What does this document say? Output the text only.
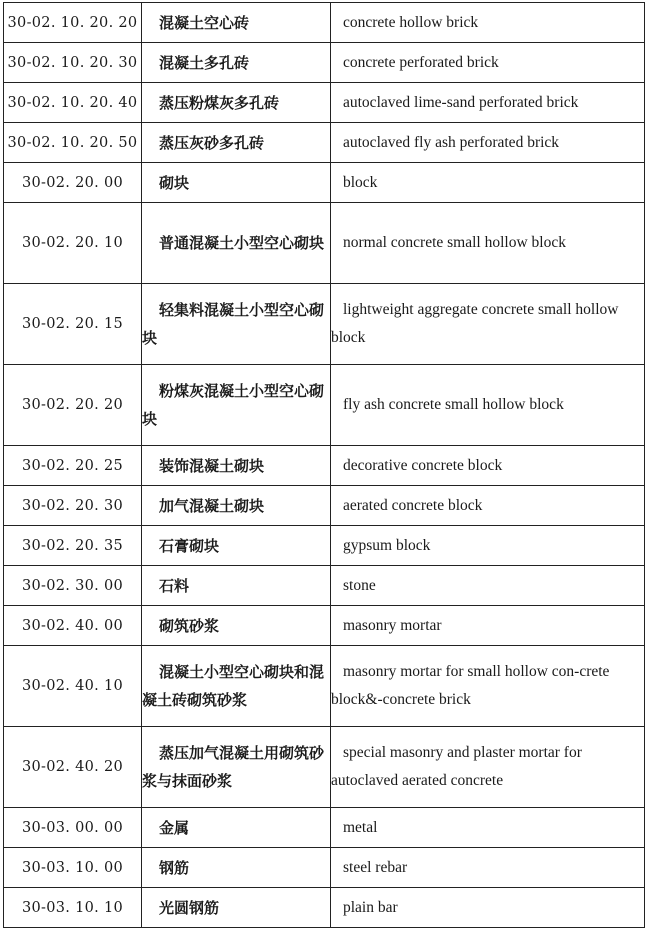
30-02. 10. 20. 20	混凝土空心砖	concrete hollow brick

30-02. 10. 20. 30	混凝土多孔砖	concrete perforated brick

30-02. 10. 20. 40	蒸压粉煤灰多孔砖	autoclaved lime-sand perforated brick

30-02. 10. 20. 50	蒸压灰砂多孔砖	autoclaved fly ash perforated brick

30-02. 20. 00	砌块	block

30-02. 20. 10	普通混凝土小型空心砌块	normal concrete small hollow block

30-02. 20. 15	轻集料混凝土小型空心砌块	lightweight aggregate concrete small hollow block

30-02. 20. 20	粉煤灰混凝土小型空心砌块	fly ash concrete small hollow block

30-02. 20. 25	装饰混凝土砌块	decorative concrete block

30-02. 20. 30	加气混凝土砌块	aerated concrete block

30-02. 20. 35	石膏砌块	gypsum block

30-02. 30. 00	石料	stone

30-02. 40. 00	砌筑砂浆	masonry mortar

30-02. 40. 10	混凝土小型空心砌块和混凝土砖砌筑砂浆	masonry mortar for small hollow con-crete block&-concrete brick

30-02. 40. 20	蒸压加气混凝土用砌筑砂浆与抹面砂浆	special masonry and plaster mortar for autoclaved aerated concrete

30-03. 00. 00	金属	metal

30-03. 10. 00	钢筋	steel rebar

30-03. 10. 10	光圆钢筋	plain bar
